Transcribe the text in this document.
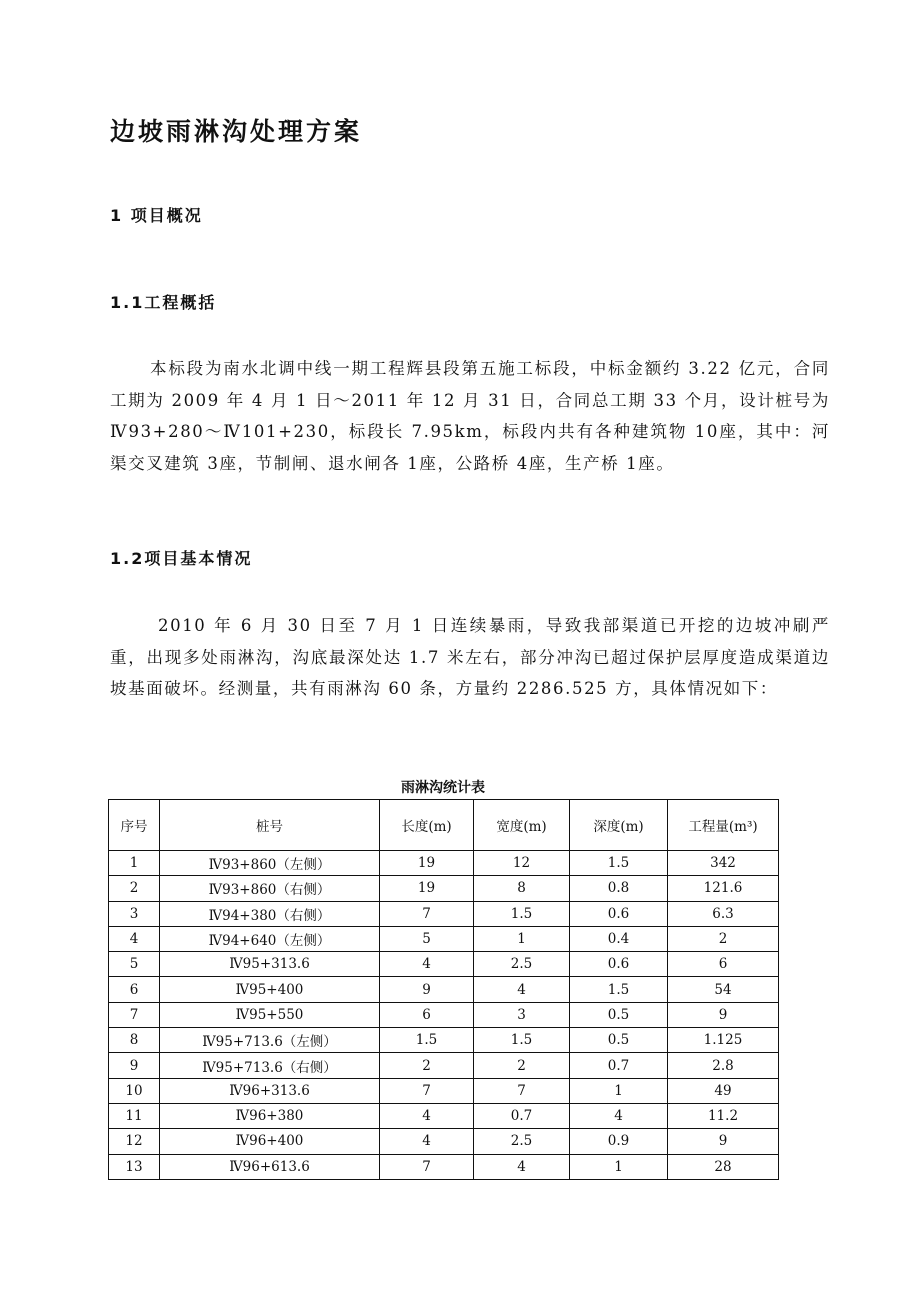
边坡雨淋沟处理方案
1 项目概况
1.1工程概括

本标段为南水北调中线一期工程辉县段第五施工标段，中标金额约 3.22 亿元，合同工期为 2009 年 4 月 1 日～2011 年 12 月 31 日，合同总工期 33 个月，设计桩号为Ⅳ93+280～Ⅳ101+230，标段长 7.95km，标段内共有各种建筑物 10座，其中：河渠交叉建筑 3座，节制闸、退水闸各 1座，公路桥 4座，生产桥 1座。

1.2项目基本情况

2010 年 6 月 30 日至 7 月 1 日连续暴雨，导致我部渠道已开挖的边坡冲刷严重，出现多处雨淋沟，沟底最深处达 1.7 米左右，部分冲沟已超过保护层厚度造成渠道边坡基面破坏。经测量，共有雨淋沟 60 条，方量约 2286.525 方，具体情况如下：

雨淋沟统计表

序号	桩号	长度(m)	宽度(m)	深度(m)	工程量(m³)
1	Ⅳ93+860（左侧）	19	12	1.5	342
2	Ⅳ93+860（右侧）	19	8	0.8	121.6
3	Ⅳ94+380（右侧）	7	1.5	0.6	6.3
4	Ⅳ94+640（左侧）	5	1	0.4	2
5	Ⅳ95+313.6	4	2.5	0.6	6
6	Ⅳ95+400	9	4	1.5	54
7	Ⅳ95+550	6	3	0.5	9
8	Ⅳ95+713.6（左侧）	1.5	1.5	0.5	1.125
9	Ⅳ95+713.6（右侧）	2	2	0.7	2.8
10	Ⅳ96+313.6	7	7	1	49
11	Ⅳ96+380	4	0.7	4	11.2
12	Ⅳ96+400	4	2.5	0.9	9
13	Ⅳ96+613.6	7	4	1	28
